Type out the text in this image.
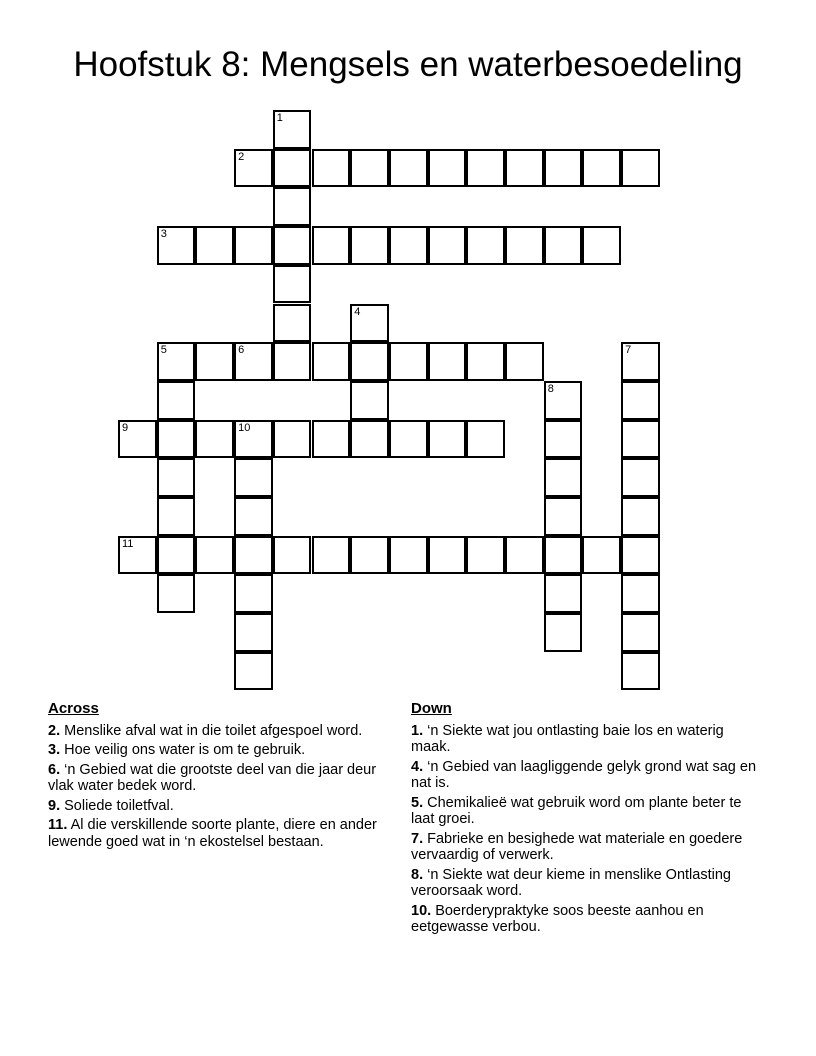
Hoofstuk 8: Mengsels en waterbesoedeling
1
2
3
4
5	6	7
8
9	10
11
Across
2. Menslike afval wat in die toilet afgespoel word.
3. Hoe veilig ons water is om te gebruik.
6. ‘n Gebied wat die grootste deel van die jaar deur vlak water bedek word.
9. Soliede toiletfval.
11. Al die verskillende soorte plante, diere en ander lewende goed wat in ‘n ekostelsel bestaan.
Down
1. ‘n Siekte wat jou ontlasting baie los en waterig maak.
4. ‘n Gebied van laagliggende gelyk grond wat sag en nat is.
5. Chemikalieë wat gebruik word om plante beter te laat groei.
7. Fabrieke en besighede wat materiale en goedere vervaardig of verwerk.
8. ‘n Siekte wat deur kieme in menslike Ontlasting veroorsaak word.
10. Boerderypraktyke soos beeste aanhou en eetgewasse verbou.
